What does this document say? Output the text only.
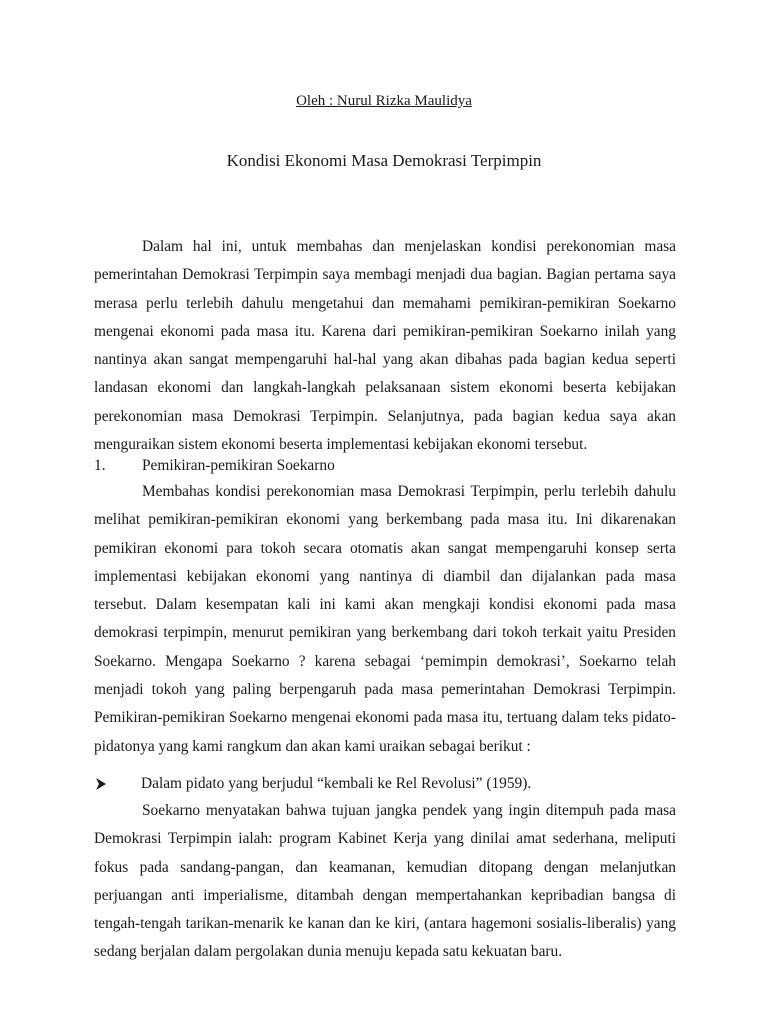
Oleh : Nurul Rizka Maulidya
Kondisi Ekonomi Masa Demokrasi Terpimpin
Dalam hal ini, untuk membahas dan menjelaskan kondisi perekonomian masa
pemerintahan Demokrasi Terpimpin saya membagi menjadi dua bagian. Bagian pertama saya
merasa perlu terlebih dahulu mengetahui dan memahami pemikiran-pemikiran Soekarno
mengenai ekonomi pada masa itu. Karena dari pemikiran-pemikiran Soekarno inilah yang
nantinya akan sangat mempengaruhi hal-hal yang akan dibahas pada bagian kedua seperti
landasan ekonomi dan langkah-langkah pelaksanaan sistem ekonomi beserta kebijakan
perekonomian masa Demokrasi Terpimpin. Selanjutnya, pada bagian kedua saya akan
menguraikan sistem ekonomi beserta implementasi kebijakan ekonomi tersebut.
1. Pemikiran-pemikiran Soekarno
Membahas kondisi perekonomian masa Demokrasi Terpimpin, perlu terlebih dahulu
melihat pemikiran-pemikiran ekonomi yang berkembang pada masa itu. Ini dikarenakan
pemikiran ekonomi para tokoh secara otomatis akan sangat mempengaruhi konsep serta
implementasi kebijakan ekonomi yang nantinya di diambil dan dijalankan pada masa
tersebut. Dalam kesempatan kali ini kami akan mengkaji kondisi ekonomi pada masa
demokrasi terpimpin, menurut pemikiran yang berkembang dari tokoh terkait yaitu Presiden
Soekarno. Mengapa Soekarno ? karena sebagai ‘pemimpin demokrasi’, Soekarno telah
menjadi tokoh yang paling berpengaruh pada masa pemerintahan Demokrasi Terpimpin.
Pemikiran-pemikiran Soekarno mengenai ekonomi pada masa itu, tertuang dalam teks pidato-
pidatonya yang kami rangkum dan akan kami uraikan sebagai berikut :
Dalam pidato yang berjudul “kembali ke Rel Revolusi” (1959).
Soekarno menyatakan bahwa tujuan jangka pendek yang ingin ditempuh pada masa
Demokrasi Terpimpin ialah: program Kabinet Kerja yang dinilai amat sederhana, meliputi
fokus pada sandang-pangan, dan keamanan, kemudian ditopang dengan melanjutkan
perjuangan anti imperialisme, ditambah dengan mempertahankan kepribadian bangsa di
tengah-tengah tarikan-menarik ke kanan dan ke kiri, (antara hagemoni sosialis-liberalis) yang
sedang berjalan dalam pergolakan dunia menuju kepada satu kekuatan baru.
